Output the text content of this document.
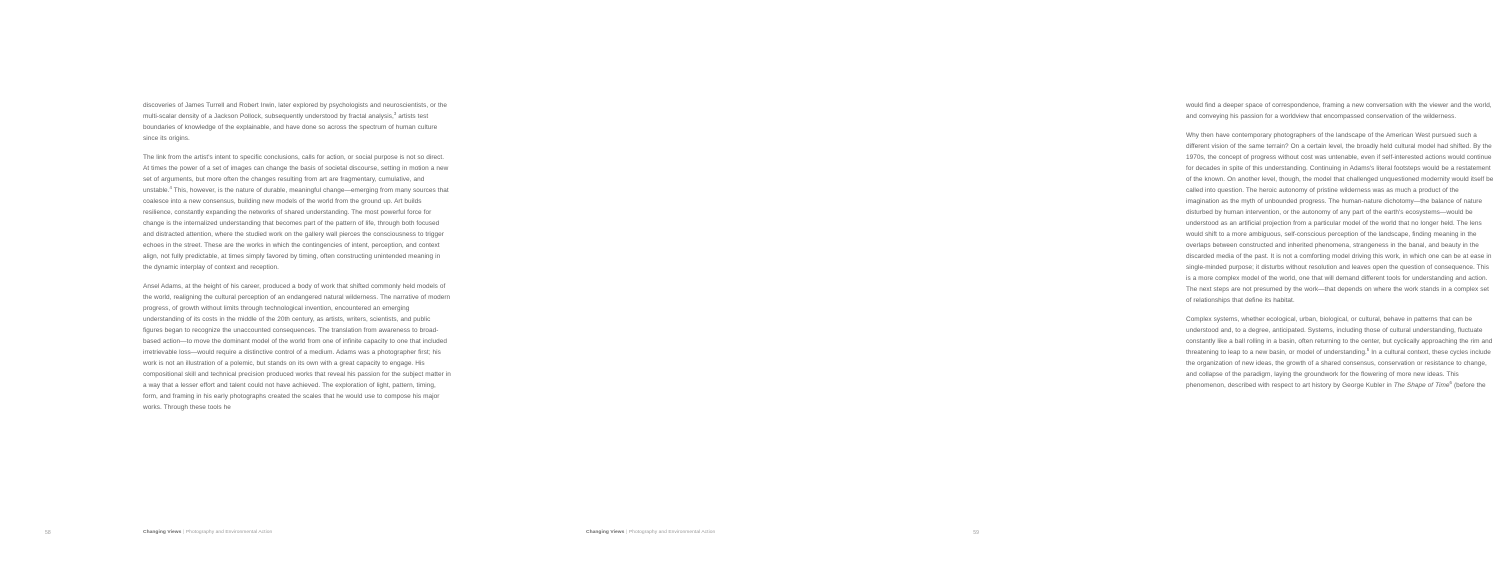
discoveries of James Turrell and Robert Irwin, later explored by psychologists and neuroscientists, or the multi-scalar density of a Jackson Pollock, subsequently understood by fractal analysis,$^3$ artists test boundaries of knowledge of the explainable, and have done so across the spectrum of human culture since its origins.

The link from the artist's intent to specific conclusions, calls for action, or social purpose is not so direct. At times the power of a set of images can change the basis of societal discourse, setting in motion a new set of arguments, but more often the changes resulting from art are fragmentary, cumulative, and unstable.$^4$ This, however, is the nature of durable, meaningful change—emerging from many sources that coalesce into a new consensus, building new models of the world from the ground up. Art builds resilience, constantly expanding the networks of shared understanding. The most powerful force for change is the internalized understanding that becomes part of the pattern of life, through both focused and distracted attention, where the studied work on the gallery wall pierces the consciousness to trigger echoes in the street. These are the works in which the contingencies of intent, perception, and context align, not fully predictable, at times simply favored by timing, often constructing unintended meaning in the dynamic interplay of context and reception.

Ansel Adams, at the height of his career, produced a body of work that shifted commonly held models of the world, realigning the cultural perception of an endangered natural wilderness. The narrative of modern progress, of growth without limits through technological invention, encountered an emerging understanding of its costs in the middle of the 20th century, as artists, writers, scientists, and public figures began to recognize the unaccounted consequences. The translation from awareness to broad-based action—to move the dominant model of the world from one of infinite capacity to one that included irretrievable loss—would require a distinctive control of a medium. Adams was a photographer first; his work is not an illustration of a polemic, but stands on its own with a great capacity to engage. His compositional skill and technical precision produced works that reveal his passion for the subject matter in a way that a lesser effort and talent could not have achieved. The exploration of light, pattern, timing, form, and framing in his early photographs created the scales that he would use to compose his major works. Through these tools he

58	Changing Views | Photography and Environmental Action

would find a deeper space of correspondence, framing a new conversation with the viewer and the world, and conveying his passion for a worldview that encompassed conservation of the wilderness.

Why then have contemporary photographers of the landscape of the American West pursued such a different vision of the same terrain? On a certain level, the broadly held cultural model had shifted. By the 1970s, the concept of progress without cost was untenable, even if self-interested actions would continue for decades in spite of this understanding. Continuing in Adams's literal footsteps would be a restatement of the known. On another level, though, the model that challenged unquestioned modernity would itself be called into question. The heroic autonomy of pristine wilderness was as much a product of the imagination as the myth of unbounded progress. The human-nature dichotomy—the balance of nature disturbed by human intervention, or the autonomy of any part of the earth's ecosystems—would be understood as an artificial projection from a particular model of the world that no longer held. The lens would shift to a more ambiguous, self-conscious perception of the landscape, finding meaning in the overlaps between constructed and inherited phenomena, strangeness in the banal, and beauty in the discarded media of the past. It is not a comforting model driving this work, in which one can be at ease in single-minded purpose; it disturbs without resolution and leaves open the question of consequence. This is a more complex model of the world, one that will demand different tools for understanding and action. The next steps are not presumed by the work—that depends on where the work stands in a complex set of relationships that define its habitat.

Complex systems, whether ecological, urban, biological, or cultural, behave in patterns that can be understood and, to a degree, anticipated. Systems, including those of cultural understanding, fluctuate constantly like a ball rolling in a basin, often returning to the center, but cyclically approaching the rim and threatening to leap to a new basin, or model of understanding.$^5$ In a cultural context, these cycles include the organization of new ideas, the growth of a shared consensus, conservation or resistance to change, and collapse of the paradigm, laying the groundwork for the flowering of more new ideas. This phenomenon, described with respect to art history by George Kubler in The Shape of Time$^6$ (before the

Changing Views | Photography and Environmental Action	59
